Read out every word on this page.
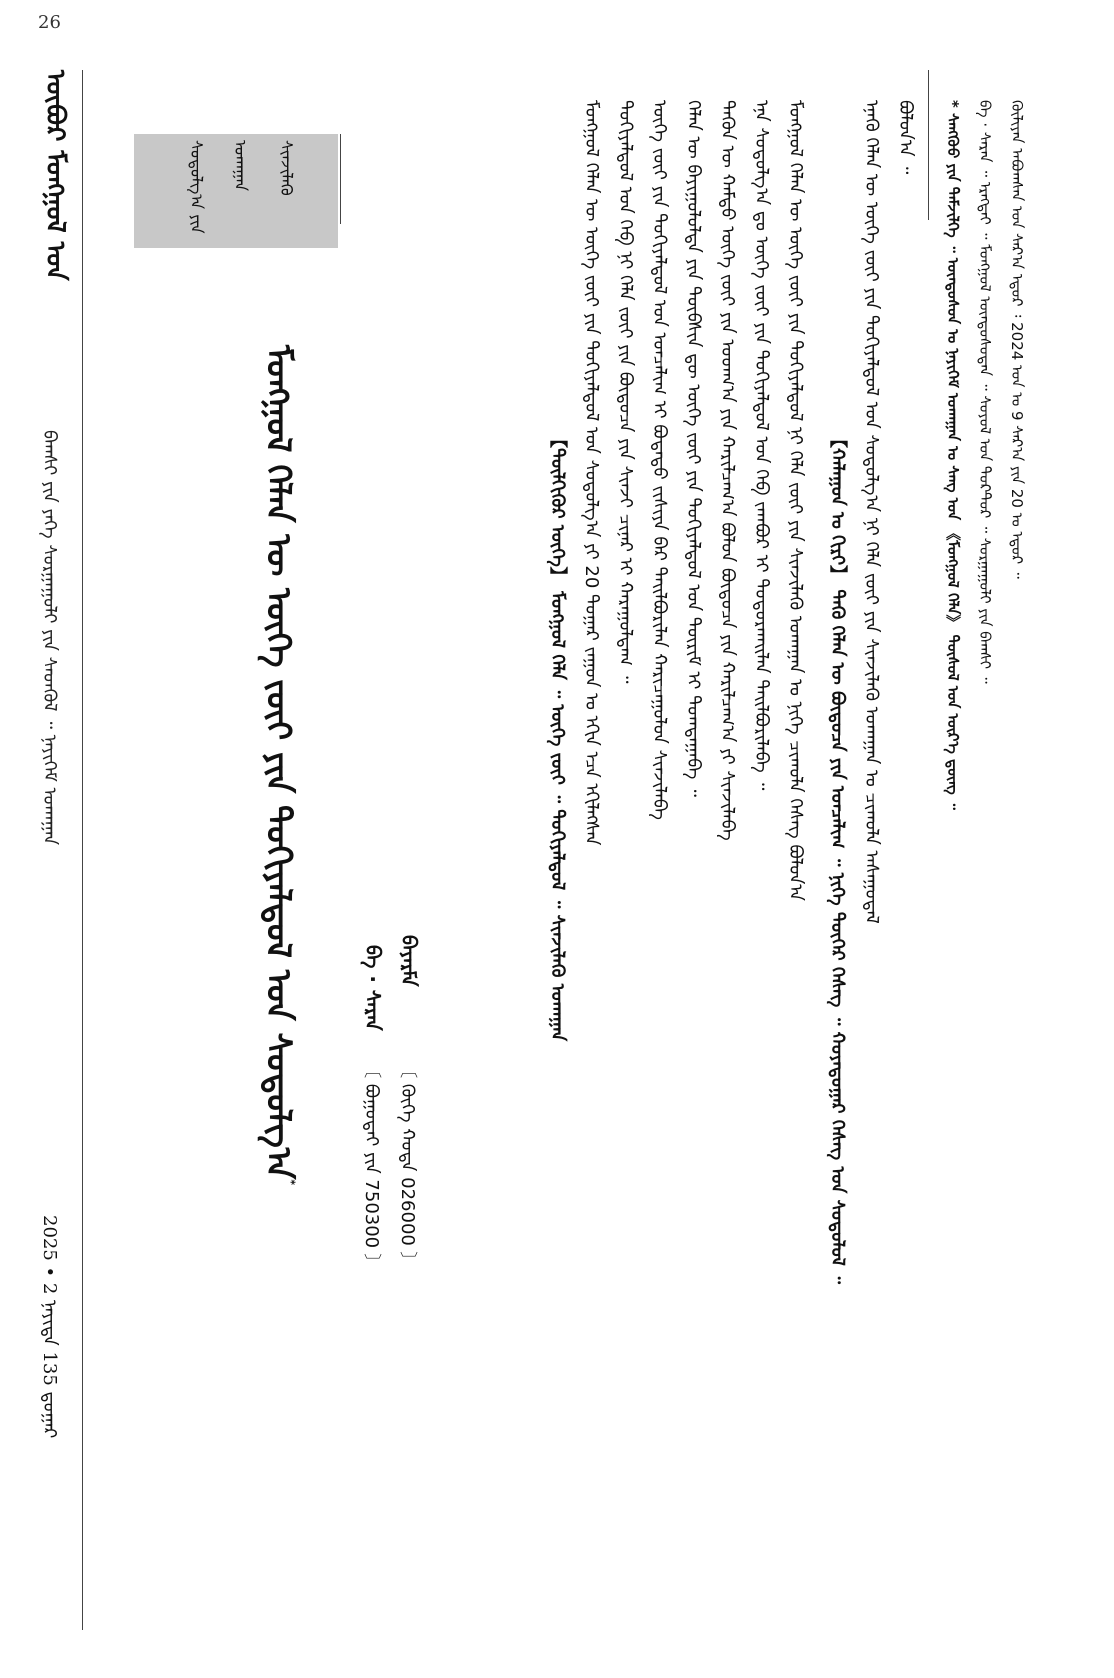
26
ᠦᠪᠦᠷ ᠮᠣᠩᠭᠣᠯ ᠤᠨ
ᠪᠠᠭᠰᠢ ᠶᠢᠨ ᠶᠡᠬᠡ ᠰᠤᠷᠭᠠᠭᠤᠯᠢ ᠶᠢᠨ ᠰᠡᠳᠬᠦᠯ ᠃ ᠨᠡᠶᠢᠭᠡᠮ ᠤᠬᠠᠭᠠᠨ
2025 • 2 ᠨᠡᠶᠢᠲᠡ 135 ᠳ᠋ᠤᠭᠠᠷ
ᠰᠤᠳᠤᠯᠭ᠎ᠠ ᠶᠢᠨ	ᠤᠬᠠᠭᠠᠨ	ᠰᠢᠨᠵᠢᠯᠡᠬᠦ
ᠮᠣᠩᠭᠣᠯ ᠬᠡᠯᠡᠨ ᠦ ᠦᠭᠡ ᠵᠦᠢ ᠶᠢᠨ ᠲᠣᠬᠢᠶᠠᠯᠳᠤᠯ ᠤᠨ ᠰᠤᠳᠤᠯᠭ᠎ᠠ*
ᠪᠠ · ᠰᠠᠷᠠᠨ
〔 ᠪᠣᠭᠣᠳᠠᠢ ᠶᠢᠨ 750300 〕
ᠪᠠᠶᠠᠷᠮᠠ
〔 ᠬᠥᠬᠡ ᠬᠣᠲᠠ 026000 〕
【ᠲᠦᠯᠬᠢᠭᠦᠷ ᠦᠭᠡ】 ᠮᠣᠩᠭᠣᠯ ᠬᠡᠯᠡ ᠃ ᠦᠭᠡ ᠵᠦᠢ ᠃ ᠲᠣᠬᠢᠶᠠᠯᠳᠤᠯ ᠃ ᠰᠢᠨᠵᠢᠯᠡᠬᠦ ᠤᠬᠠᠭᠠᠨ ᠮᠣᠩᠭᠣᠯ ᠬᠡᠯᠡᠨ ᠦ ᠦᠭᠡ ᠵᠦᠢ ᠶᠢᠨ ᠲᠣᠬᠢᠶᠠᠯᠳᠤᠯ ᠤᠨ ᠰᠤᠳᠤᠯᠭ᠎ᠠ ᠶᠢ 20 ᠳᠤᠭᠠᠷ ᠵᠠᠭᠤᠨ ᠤ ᠡᠬᠢᠨ ᠡᠴᠡ ᠡᠬᠢᠯᠡᠭᠰᠡᠨ ᠲᠣᠬᠢᠶᠠᠯᠳᠤᠯ ᠤᠨ ᠬᠡᠪ ᠨᠢ ᠬᠡᠯᠡ ᠵᠦᠢ ᠶᠢᠨ ᠪᠦᠲᠦᠴᠡ ᠶᠢᠨ ᠰᠢᠨᠵᠢ ᠴᠢᠨᠠᠷ ᠢ ᠬᠠᠷᠠᠭᠤᠯᠳᠠᠭ ᠃ ᠦᠭᠡ ᠵᠦᠢ ᠶᠢᠨ ᠲᠣᠬᠢᠶᠠᠯᠳᠤᠯ ᠤᠨ ᠤᠨᠴᠠᠯᠢᠭ ᠢ ᠪᠣᠳᠠᠲᠤ ᠵᠢᠱᠢᠶᠡ ᠪᠡᠷ ᠲᠠᠢᠯᠪᠤᠷᠢᠯᠠᠨ ᠬᠠᠷᠢᠴᠠᠭᠤᠯᠤᠨ ᠰᠢᠨᠵᠢᠯᠡᠪᠡ ᠬᠡᠯᠡᠨ ᠦ ᠪᠠᠶᠢᠭᠤᠯᠤᠯᠲᠠ ᠶᠢᠨ ᠲᠦᠪᠰᠢᠨ ᠳᠦ ᠦᠭᠡ ᠵᠦᠢ ᠶᠢᠨ ᠲᠣᠬᠢᠶᠠᠯᠳᠤᠯ ᠤᠨ ᠳᠦᠷᠢᠮ ᠢ ᠲᠣᠭᠲᠠᠭᠠᠪᠠ ᠃ ᠲᠡᠭᠦᠨ ᠦ ᠬᠠᠮᠲᠤ ᠦᠭᠡ ᠵᠦᠢ ᠶᠢᠨ ᠤᠳᠬ᠎ᠠ ᠶᠢᠨ ᠬᠠᠷᠢᠯᠴᠠᠭ᠎ᠠ ᠪᠣᠯᠤᠨ ᠪᠦᠲᠦᠴᠡ ᠶᠢᠨ ᠬᠠᠷᠢᠯᠴᠠᠭ᠎ᠠ ᠶᠢ ᠰᠢᠨᠵᠢᠯᠡᠪᠡ ᠡᠨᠡ ᠰᠤᠳᠤᠯᠭ᠎ᠠ ᠳᠤ ᠦᠭᠡ ᠵᠦᠢ ᠶᠢᠨ ᠲᠣᠬᠢᠶᠠᠯᠳᠤᠯ ᠤᠨ ᠬᠡᠪ ᠵᠠᠭᠪᠤᠷ ᠢ ᠲᠣᠳᠣᠷᠬᠠᠢᠯᠠᠨ ᠲᠠᠢᠯᠪᠤᠷᠢᠯᠠᠪᠠ ᠃ ᠮᠣᠩᠭᠣᠯ ᠬᠡᠯᠡᠨ ᠦ ᠦᠭᠡ ᠵᠦᠢ ᠶᠢᠨ ᠲᠣᠬᠢᠶᠠᠯᠳᠤᠯ ᠨᠢ ᠬᠡᠯᠡ ᠵᠦᠢ ᠶᠢᠨ ᠰᠢᠨᠵᠢᠯᠡᠬᠦ ᠤᠬᠠᠭᠠᠨ ᠤ ᠨᠢᠭᠡ ᠴᠢᠬᠤᠯᠠ ᠬᠡᠰᠡᠭ ᠪᠣᠯᠤᠨ᠎ᠠ 【ᠬᠠᠯᠠᠭᠤᠨ ᠤ ᠬᠢᠷᠢ】 ᠲᠡᠬᠦ ᠬᠡᠯᠡᠨ ᠦ ᠪᠦᠲᠦᠴᠡ ᠶᠢᠨ ᠤᠨᠴᠠᠯᠢᠭ ᠃ ᠨᠢᠭᠡ ᠳᠦᠭᠡᠷ ᠬᠡᠰᠡᠭ ᠃ ᠬᠣᠶᠠᠳᠤᠭᠠᠷ ᠬᠡᠰᠡᠭ ᠤᠨ ᠰᠤᠳᠤᠯᠤᠯ ᠃ ᠡᠨᠡᠬᠦ ᠬᠡᠯᠡᠨ ᠦ ᠦᠭᠡ ᠵᠦᠢ ᠶᠢᠨ ᠲᠣᠬᠢᠶᠠᠯᠳᠤᠯ ᠤᠨ ᠰᠤᠳᠤᠯᠭ᠎ᠠ ᠨᠢ ᠬᠡᠯᠡ ᠵᠦᠢ ᠶᠢᠨ ᠰᠢᠨᠵᠢᠯᠡᠬᠦ ᠤᠬᠠᠭᠠᠨ ᠤ ᠴᠢᠬᠤᠯᠠ ᠠᠰᠠᠭᠤᠳᠠᠯ ᠪᠣᠯᠤᠨ᠎ᠠ ᠃ * ᠰᠠᠩᠬᠦᠦ ᠶᠢᠨ ᠳᠡᠮᠵᠢᠯᠭᠡ ᠃ ᠦᠨᠳᠦᠰᠦᠨ ᠤ ᠨᠡᠶᠢᠭᠡᠮ ᠤᠬᠠᠭᠠᠨ ᠤ ᠰᠠᠩ ᠤᠨ 《ᠮᠣᠩᠭᠣᠯ ᠬᠡᠯᠡ》 ᠲᠥᠰᠦᠯ ᠤᠨ ᠦᠷ᠎ᠡ ᠳ᠋ᠦᠩ ᠃ ᠪᠠ · ᠰᠠᠷᠠᠨ ᠃ ᠡᠷᠡᠭᠲᠡᠢ ᠃ ᠮᠣᠩᠭᠣᠯ ᠦᠨᠳᠦᠰᠦᠲᠡᠨ ᠃ ᠰᠣᠶᠣᠯ ᠤᠨ ᠳᠣᠺᠲ᠋ᠣᠷ ᠃ ᠰᠤᠷᠭᠠᠭᠤᠯᠢ ᠶᠢᠨ ᠪᠠᠭᠰᠢ ᠃ ᠬᠦᠯᠢᠶᠡᠨ ᠠᠪᠤᠭᠰᠠᠨ ᠣᠨ ᠰᠠᠷ᠎ᠠ ᠡᠳᠦᠷ ᠄ 2024 ᠣᠨ ᠤ 9 ᠰᠠᠷ᠎ᠠ ᠶᠢᠨ 20 ᠤ ᠡᠳᠦᠷ ᠃
